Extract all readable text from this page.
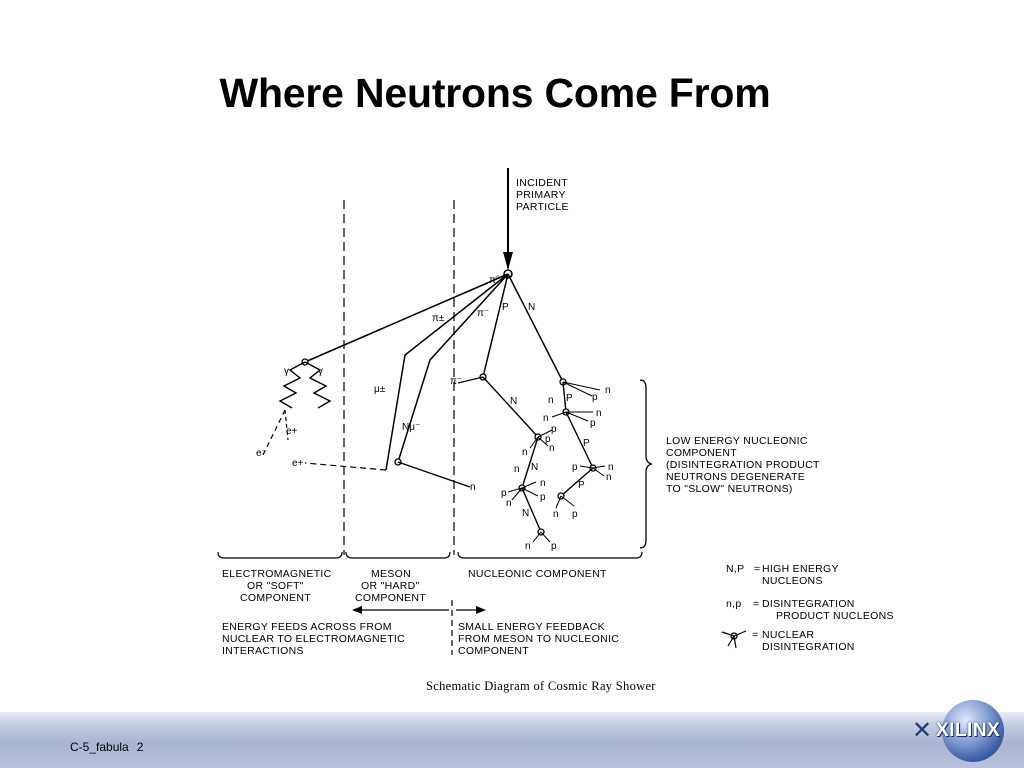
Where Neutrons Come From
INCIDENT
PRIMARY
PARTICLE
π°
π±	π⁻
P N
γ	γ
e+
e⁻
e+
μ±
Nμ⁻
n
π⁻
N
p
p
n n
N
n
p
n
n
p
N
n p
n
p
P
n
n	n
p
P
p	n
n
P
n p
LOW ENERGY NUCLEONIC
COMPONENT
(DISINTEGRATION PRODUCT
NEUTRONS DEGENERATE
TO "SLOW" NEUTRONS)
ELECTROMAGNETIC
OR "SOFT"
COMPONENT
MESON
OR "HARD"
COMPONENT
NUCLEONIC COMPONENT
ENERGY FEEDS ACROSS FROM
NUCLEAR TO ELECTROMAGNETIC
INTERACTIONS
SMALL ENERGY FEEDBACK
FROM MESON TO NUCLEONIC
COMPONENT
N,P = HIGH ENERGY
NUCLEONS
n,p = DISINTEGRATION
PRODUCT NUCLEONS
= NUCLEAR
DISINTEGRATION
Schematic Diagram of Cosmic Ray Shower
C-5_fabula 2
✕ XILINX
